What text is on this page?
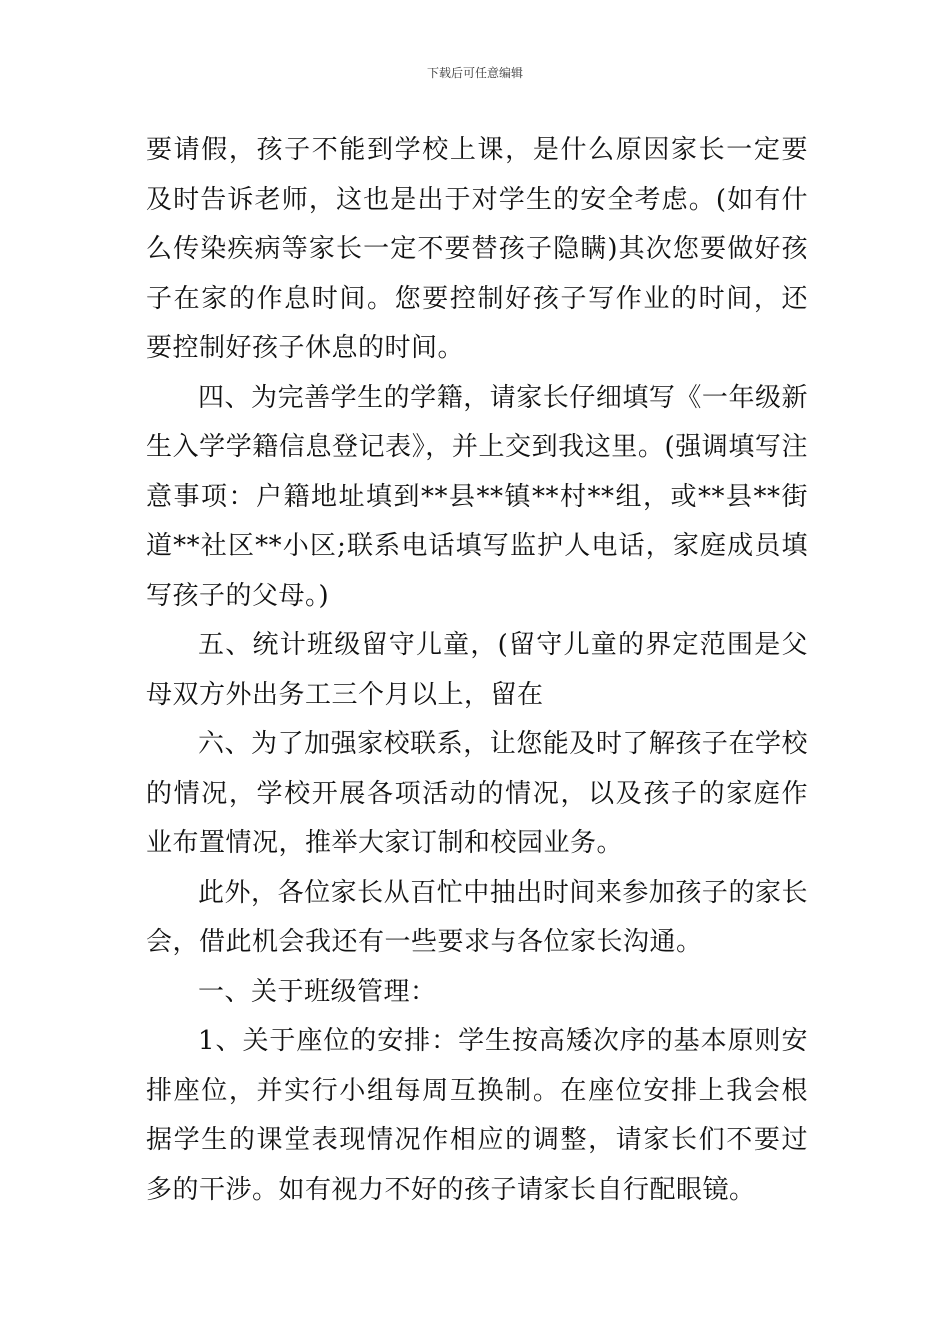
下载后可任意编辑

要请假，孩子不能到学校上课，是什么原因家长一定要及时告诉老师，这也是出于对学生的安全考虑。(如有什么传染疾病等家长一定不要替孩子隐瞒)其次您要做好孩子在家的作息时间。您要控制好孩子写作业的时间，还要控制好孩子休息的时间。

四、为完善学生的学籍，请家长仔细填写《一年级新生入学学籍信息登记表》，并上交到我这里。(强调填写注意事项：户籍地址填到**县**镇**村**组，或**县**街道**社区**小区;联系电话填写监护人电话，家庭成员填写孩子的父母。)

五、统计班级留守儿童，(留守儿童的界定范围是父母双方外出务工三个月以上，留在

六、为了加强家校联系，让您能及时了解孩子在学校的情况，学校开展各项活动的情况，以及孩子的家庭作业布置情况，推举大家订制和校园业务。

此外，各位家长从百忙中抽出时间来参加孩子的家长会，借此机会我还有一些要求与各位家长沟通。

一、关于班级管理：

1、关于座位的安排：学生按高矮次序的基本原则安排座位，并实行小组每周互换制。在座位安排上我会根据学生的课堂表现情况作相应的调整，请家长们不要过多的干涉。如有视力不好的孩子请家长自行配眼镜。
